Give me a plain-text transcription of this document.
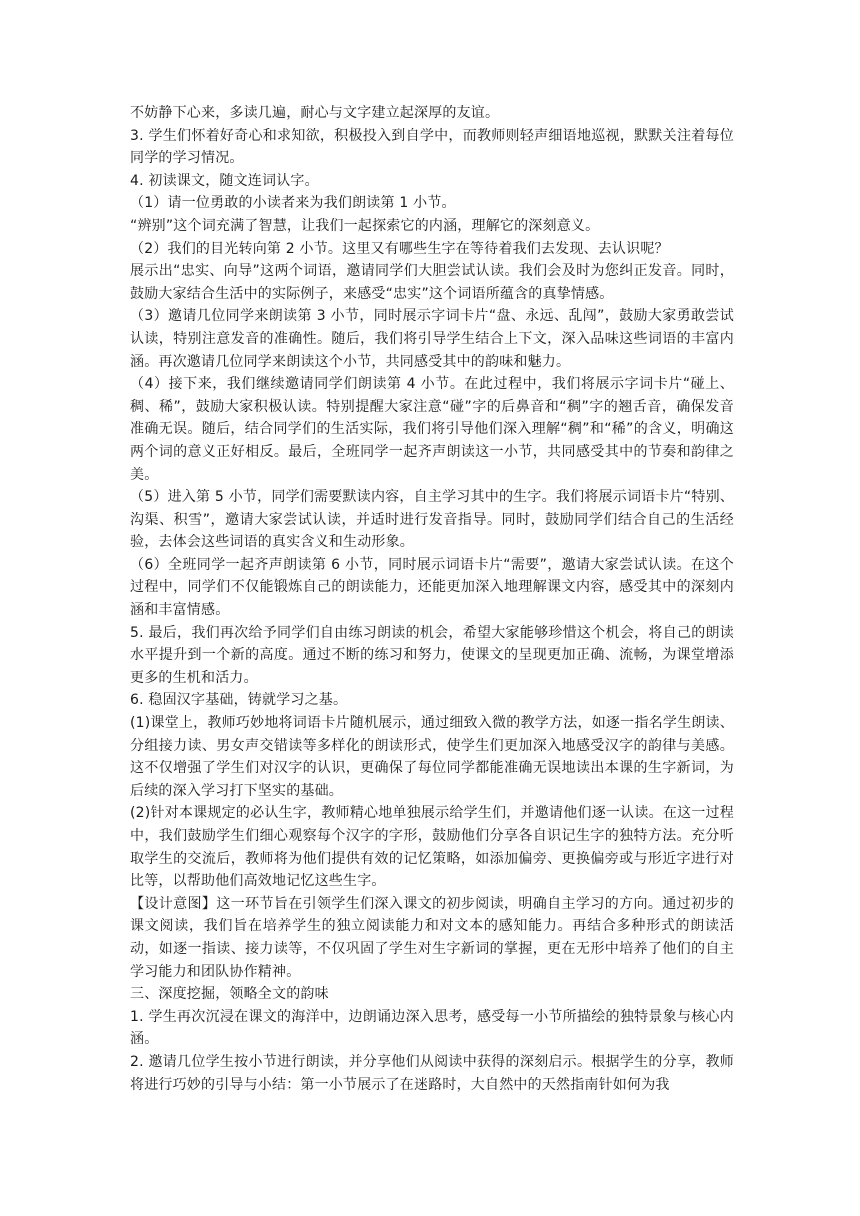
不妨静下心来，多读几遍，耐心与文字建立起深厚的友谊。

3. 学生们怀着好奇心和求知欲，积极投入到自学中，而教师则轻声细语地巡视，默默关注着每位同学的学习情况。

4. 初读课文，随文连词认字。

（1）请一位勇敢的小读者来为我们朗读第 1 小节。

“辨别”这个词充满了智慧，让我们一起探索它的内涵，理解它的深刻意义。

（2）我们的目光转向第 2 小节。这里又有哪些生字在等待着我们去发现、去认识呢？

展示出“忠实、向导”这两个词语，邀请同学们大胆尝试认读。我们会及时为您纠正发音。同时，鼓励大家结合生活中的实际例子，来感受“忠实”这个词语所蕴含的真挚情感。

（3）邀请几位同学来朗读第 3 小节，同时展示字词卡片“盘、永远、乱闯”，鼓励大家勇敢尝试认读，特别注意发音的准确性。随后，我们将引导学生结合上下文，深入品味这些词语的丰富内涵。再次邀请几位同学来朗读这个小节，共同感受其中的韵味和魅力。

（4）接下来，我们继续邀请同学们朗读第 4 小节。在此过程中，我们将展示字词卡片“碰上、稠、稀”，鼓励大家积极认读。特别提醒大家注意“碰”字的后鼻音和“稠”字的翘舌音，确保发音准确无误。随后，结合同学们的生活实际，我们将引导他们深入理解“稠”和“稀”的含义，明确这两个词的意义正好相反。最后，全班同学一起齐声朗读这一小节，共同感受其中的节奏和韵律之美。

（5）进入第 5 小节，同学们需要默读内容，自主学习其中的生字。我们将展示词语卡片“特别、沟渠、积雪”，邀请大家尝试认读，并适时进行发音指导。同时，鼓励同学们结合自己的生活经验，去体会这些词语的真实含义和生动形象。

（6）全班同学一起齐声朗读第 6 小节，同时展示词语卡片“需要”，邀请大家尝试认读。在这个过程中，同学们不仅能锻炼自己的朗读能力，还能更加深入地理解课文内容，感受其中的深刻内涵和丰富情感。

5. 最后，我们再次给予同学们自由练习朗读的机会，希望大家能够珍惜这个机会，将自己的朗读水平提升到一个新的高度。通过不断的练习和努力，使课文的呈现更加正确、流畅，为课堂增添更多的生机和活力。

6. 稳固汉字基础，铸就学习之基。

(1)课堂上，教师巧妙地将词语卡片随机展示，通过细致入微的教学方法，如逐一指名学生朗读、分组接力读、男女声交错读等多样化的朗读形式，使学生们更加深入地感受汉字的韵律与美感。这不仅增强了学生们对汉字的认识，更确保了每位同学都能准确无误地读出本课的生字新词，为后续的深入学习打下坚实的基础。

(2)针对本课规定的必认生字，教师精心地单独展示给学生们，并邀请他们逐一认读。在这一过程中，我们鼓励学生们细心观察每个汉字的字形，鼓励他们分享各自识记生字的独特方法。充分听取学生的交流后，教师将为他们提供有效的记忆策略，如添加偏旁、更换偏旁或与形近字进行对比等，以帮助他们高效地记忆这些生字。

【设计意图】这一环节旨在引领学生们深入课文的初步阅读，明确自主学习的方向。通过初步的课文阅读，我们旨在培养学生的独立阅读能力和对文本的感知能力。再结合多种形式的朗读活动，如逐一指读、接力读等，不仅巩固了学生对生字新词的掌握，更在无形中培养了他们的自主学习能力和团队协作精神。

三、深度挖掘，领略全文的韵味

1. 学生再次沉浸在课文的海洋中，边朗诵边深入思考，感受每一小节所描绘的独特景象与核心内涵。

2. 邀请几位学生按小节进行朗读，并分享他们从阅读中获得的深刻启示。根据学生的分享，教师将进行巧妙的引导与小结：第一小节展示了在迷路时，大自然中的天然指南针如何为我
